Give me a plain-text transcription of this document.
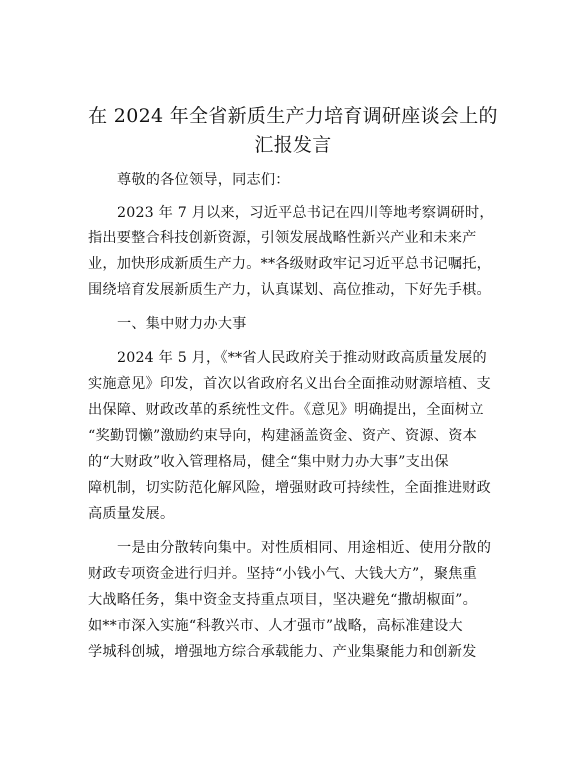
在 2024 年全省新质生产力培育调研座谈会上的
汇报发言
尊敬的各位领导，同志们：
2023 年 7 月以来，习近平总书记在四川等地考察调研时，
指出要整合科技创新资源，引领发展战略性新兴产业和未来产
业，加快形成新质生产力。**各级财政牢记习近平总书记嘱托，
围绕培育发展新质生产力，认真谋划、高位推动，下好先手棋。
一、集中财力办大事
2024 年 5 月，《**省人民政府关于推动财政高质量发展的
实施意见》印发，首次以省政府名义出台全面推动财源培植、支
出保障、财政改革的系统性文件。《意见》明确提出，全面树立
“奖勤罚懒”激励约束导向，构建涵盖资金、资产、资源、资本
的“大财政”收入管理格局，健全“集中财力办大事”支出保
障机制，切实防范化解风险，增强财政可持续性，全面推进财政
高质量发展。
一是由分散转向集中。对性质相同、用途相近、使用分散的
财政专项资金进行归并。坚持“小钱小气、大钱大方”，聚焦重
大战略任务，集中资金支持重点项目，坚决避免“撒胡椒面”。
如**市深入实施“科教兴市、人才强市”战略，高标准建设大
学城科创城，增强地方综合承载能力、产业集聚能力和创新发
